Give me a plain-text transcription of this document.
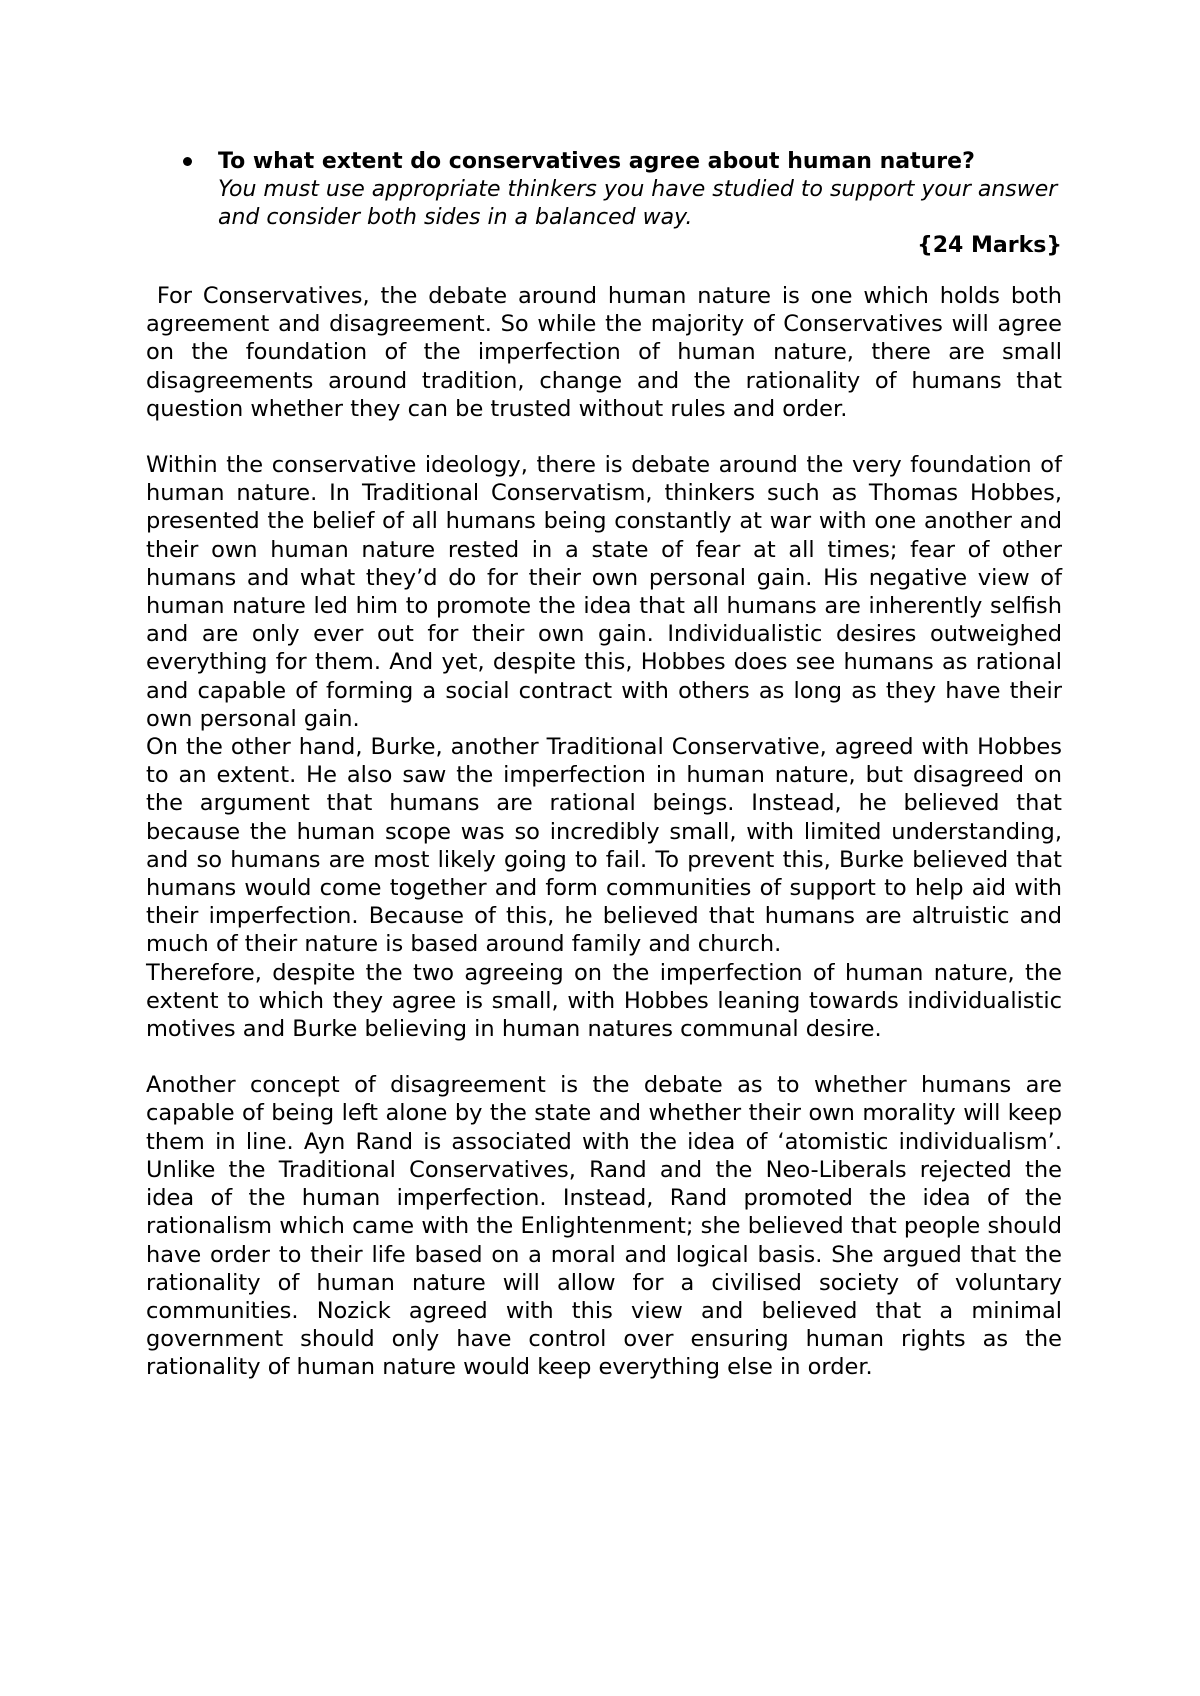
To what extent do conservatives agree about human nature?
You must use appropriate thinkers you have studied to support your answer and consider both sides in a balanced way.
{24 Marks}

For Conservatives, the debate around human nature is one which holds both agreement and disagreement. So while the majority of Conservatives will agree on the foundation of the imperfection of human nature, there are small disagreements around tradition, change and the rationality of humans that question whether they can be trusted without rules and order.

Within the conservative ideology, there is debate around the very foundation of human nature. In Traditional Conservatism, thinkers such as Thomas Hobbes, presented the belief of all humans being constantly at war with one another and their own human nature rested in a state of fear at all times; fear of other humans and what they’d do for their own personal gain. His negative view of human nature led him to promote the idea that all humans are inherently selfish and are only ever out for their own gain. Individualistic desires outweighed everything for them. And yet, despite this, Hobbes does see humans as rational and capable of forming a social contract with others as long as they have their own personal gain.

On the other hand, Burke, another Traditional Conservative, agreed with Hobbes to an extent. He also saw the imperfection in human nature, but disagreed on the argument that humans are rational beings. Instead, he believed that because the human scope was so incredibly small, with limited understanding, and so humans are most likely going to fail. To prevent this, Burke believed that humans would come together and form communities of support to help aid with their imperfection. Because of this, he believed that humans are altruistic and much of their nature is based around family and church.

Therefore, despite the two agreeing on the imperfection of human nature, the extent to which they agree is small, with Hobbes leaning towards individualistic motives and Burke believing in human natures communal desire.

Another concept of disagreement is the debate as to whether humans are capable of being left alone by the state and whether their own morality will keep them in line. Ayn Rand is associated with the idea of ‘atomistic individualism’. Unlike the Traditional Conservatives, Rand and the Neo-Liberals rejected the idea of the human imperfection. Instead, Rand promoted the idea of the rationalism which came with the Enlightenment; she believed that people should have order to their life based on a moral and logical basis. She argued that the rationality of human nature will allow for a civilised society of voluntary communities. Nozick agreed with this view and believed that a minimal government should only have control over ensuring human rights as the rationality of human nature would keep everything else in order.
